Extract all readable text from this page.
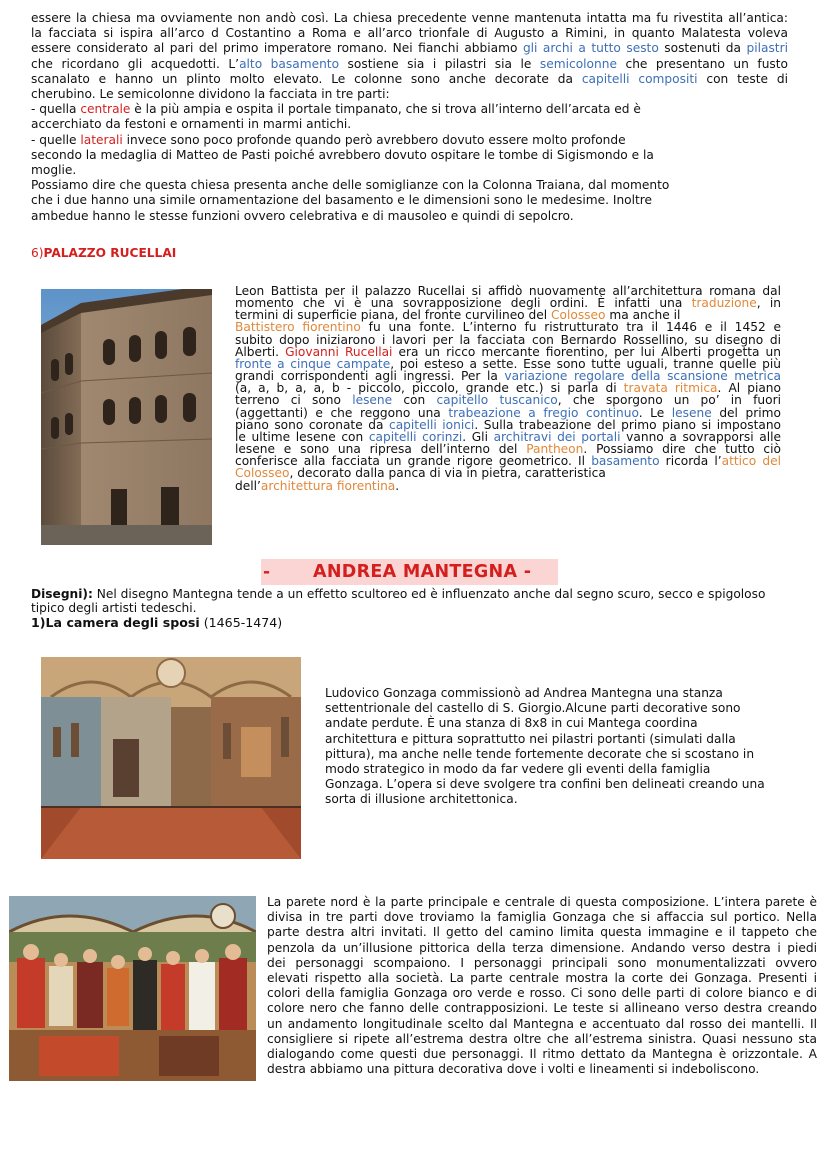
essere la chiesa ma ovviamente non andò così. La chiesa precedente venne mantenuta intatta ma fu rivestita all’antica:
la facciata si ispira all’arco d Costantino a Roma e all’arco trionfale di Augusto a Rimini, in quanto Malatesta voleva
essere considerato al pari del primo imperatore romano. Nei fianchi abbiamo gli archi a tutto sesto sostenuti da pilastri
che ricordano gli acquedotti. L’alto basamento sostiene sia i pilastri sia le semicolonne che presentano un fusto
scanalato e hanno un plinto molto elevato. Le colonne sono anche decorate da capitelli compositi con teste di
cherubino. Le semicolonne dividono la facciata in tre parti:
- quella centrale è la più ampia e ospita il portale timpanato, che si trova all’interno dell’arcata ed è
accerchiato da festoni e ornamenti in marmi antichi.
- quelle laterali invece sono poco profonde quando però avrebbero dovuto essere molto profonde
secondo la medaglia di Matteo de Pasti poiché avrebbero dovuto ospitare le tombe di Sigismondo e la
moglie.
Possiamo dire che questa chiesa presenta anche delle somiglianze con la Colonna Traiana, dal momento
che i due hanno una simile ornamentazione del basamento e le dimensioni sono le medesime. Inoltre
ambedue hanno le stesse funzioni ovvero celebrativa e di mausoleo e quindi di sepolcro.
6)PALAZZO RUCELLAI
Leon Battista per il palazzo Rucellai si affidò nuovamente all’architettura romana dal
momento che vi è una sovrapposizione degli ordini. È infatti una traduzione, in
termini di superficie piana, del fronte curvilineo del Colosseo ma anche il
Battistero fiorentino fu una fonte. L’interno fu ristrutturato tra il 1446 e il 1452 e
subito dopo iniziarono i lavori per la facciata con Bernardo Rossellino, su disegno di
Alberti. Giovanni Rucellai era un ricco mercante fiorentino, per lui Alberti progetta un
fronte a cinque campate, poi esteso a sette. Esse sono tutte uguali, tranne quelle più
grandi corrispondenti agli ingressi. Per la variazione regolare della scansione metrica
(a, a, b, a, a, b - piccolo, piccolo, grande etc.) si parla di travata ritmica. Al piano
terreno ci sono lesene con capitello tuscanico, che sporgono un po’ in fuori
(aggettanti) e che reggono una trabeazione a fregio continuo. Le lesene del primo
piano sono coronate da capitelli ionici. Sulla trabeazione del primo piano si impostano
le ultime lesene con capitelli corinzi. Gli architravi dei portali vanno a sovrapporsi alle
lesene e sono una ripresa dell’interno del Pantheon. Possiamo dire che tutto ciò
conferisce alla facciata un grande rigore geometrico. Il basamento ricorda l’attico del
Colosseo, decorato dalla panca di via in pietra, caratteristica
dell’architettura fiorentina.
- ANDREA MANTEGNA -
Disegni): Nel disegno Mantegna tende a un effetto scultoreo ed è influenzato anche dal segno scuro, secco e spigoloso
tipico degli artisti tedeschi.
1)La camera degli sposi (1465-1474)
Ludovico Gonzaga commissionò ad Andrea Mantegna una stanza
settentrionale del castello di S. Giorgio.Alcune parti decorative sono
andate perdute. È una stanza di 8x8 in cui Mantega coordina
architettura e pittura soprattutto nei pilastri portanti (simulati dalla
pittura), ma anche nelle tende fortemente decorate che si scostano in
modo strategico in modo da far vedere gli eventi della famiglia
Gonzaga. L’opera si deve svolgere tra confini ben delineati creando una
sorta di illusione architettonica.
La parete nord è la parte principale e centrale di questa composizione. L’intera parete è
divisa in tre parti dove troviamo la famiglia Gonzaga che si affaccia sul portico. Nella
parte destra altri invitati. Il getto del camino limita questa immagine e il tappeto che
penzola da un’illusione pittorica della terza dimensione. Andando verso destra i piedi
dei personaggi scompaiono. I personaggi principali sono monumentalizzati ovvero
elevati rispetto alla società. La parte centrale mostra la corte dei Gonzaga. Presenti i
colori della famiglia Gonzaga oro verde e rosso. Ci sono delle parti di colore bianco e di
colore nero che fanno delle contrapposizioni. Le teste si allineano verso destra creando
un andamento longitudinale scelto dal Mantegna e accentuato dal rosso dei mantelli. Il
consigliere si ripete all’estrema destra oltre che all’estrema sinistra. Quasi nessuno sta
dialogando come questi due personaggi. Il ritmo dettato da Mantegna è orizzontale. A
destra abbiamo una pittura decorativa dove i volti e lineamenti si indeboliscono.
